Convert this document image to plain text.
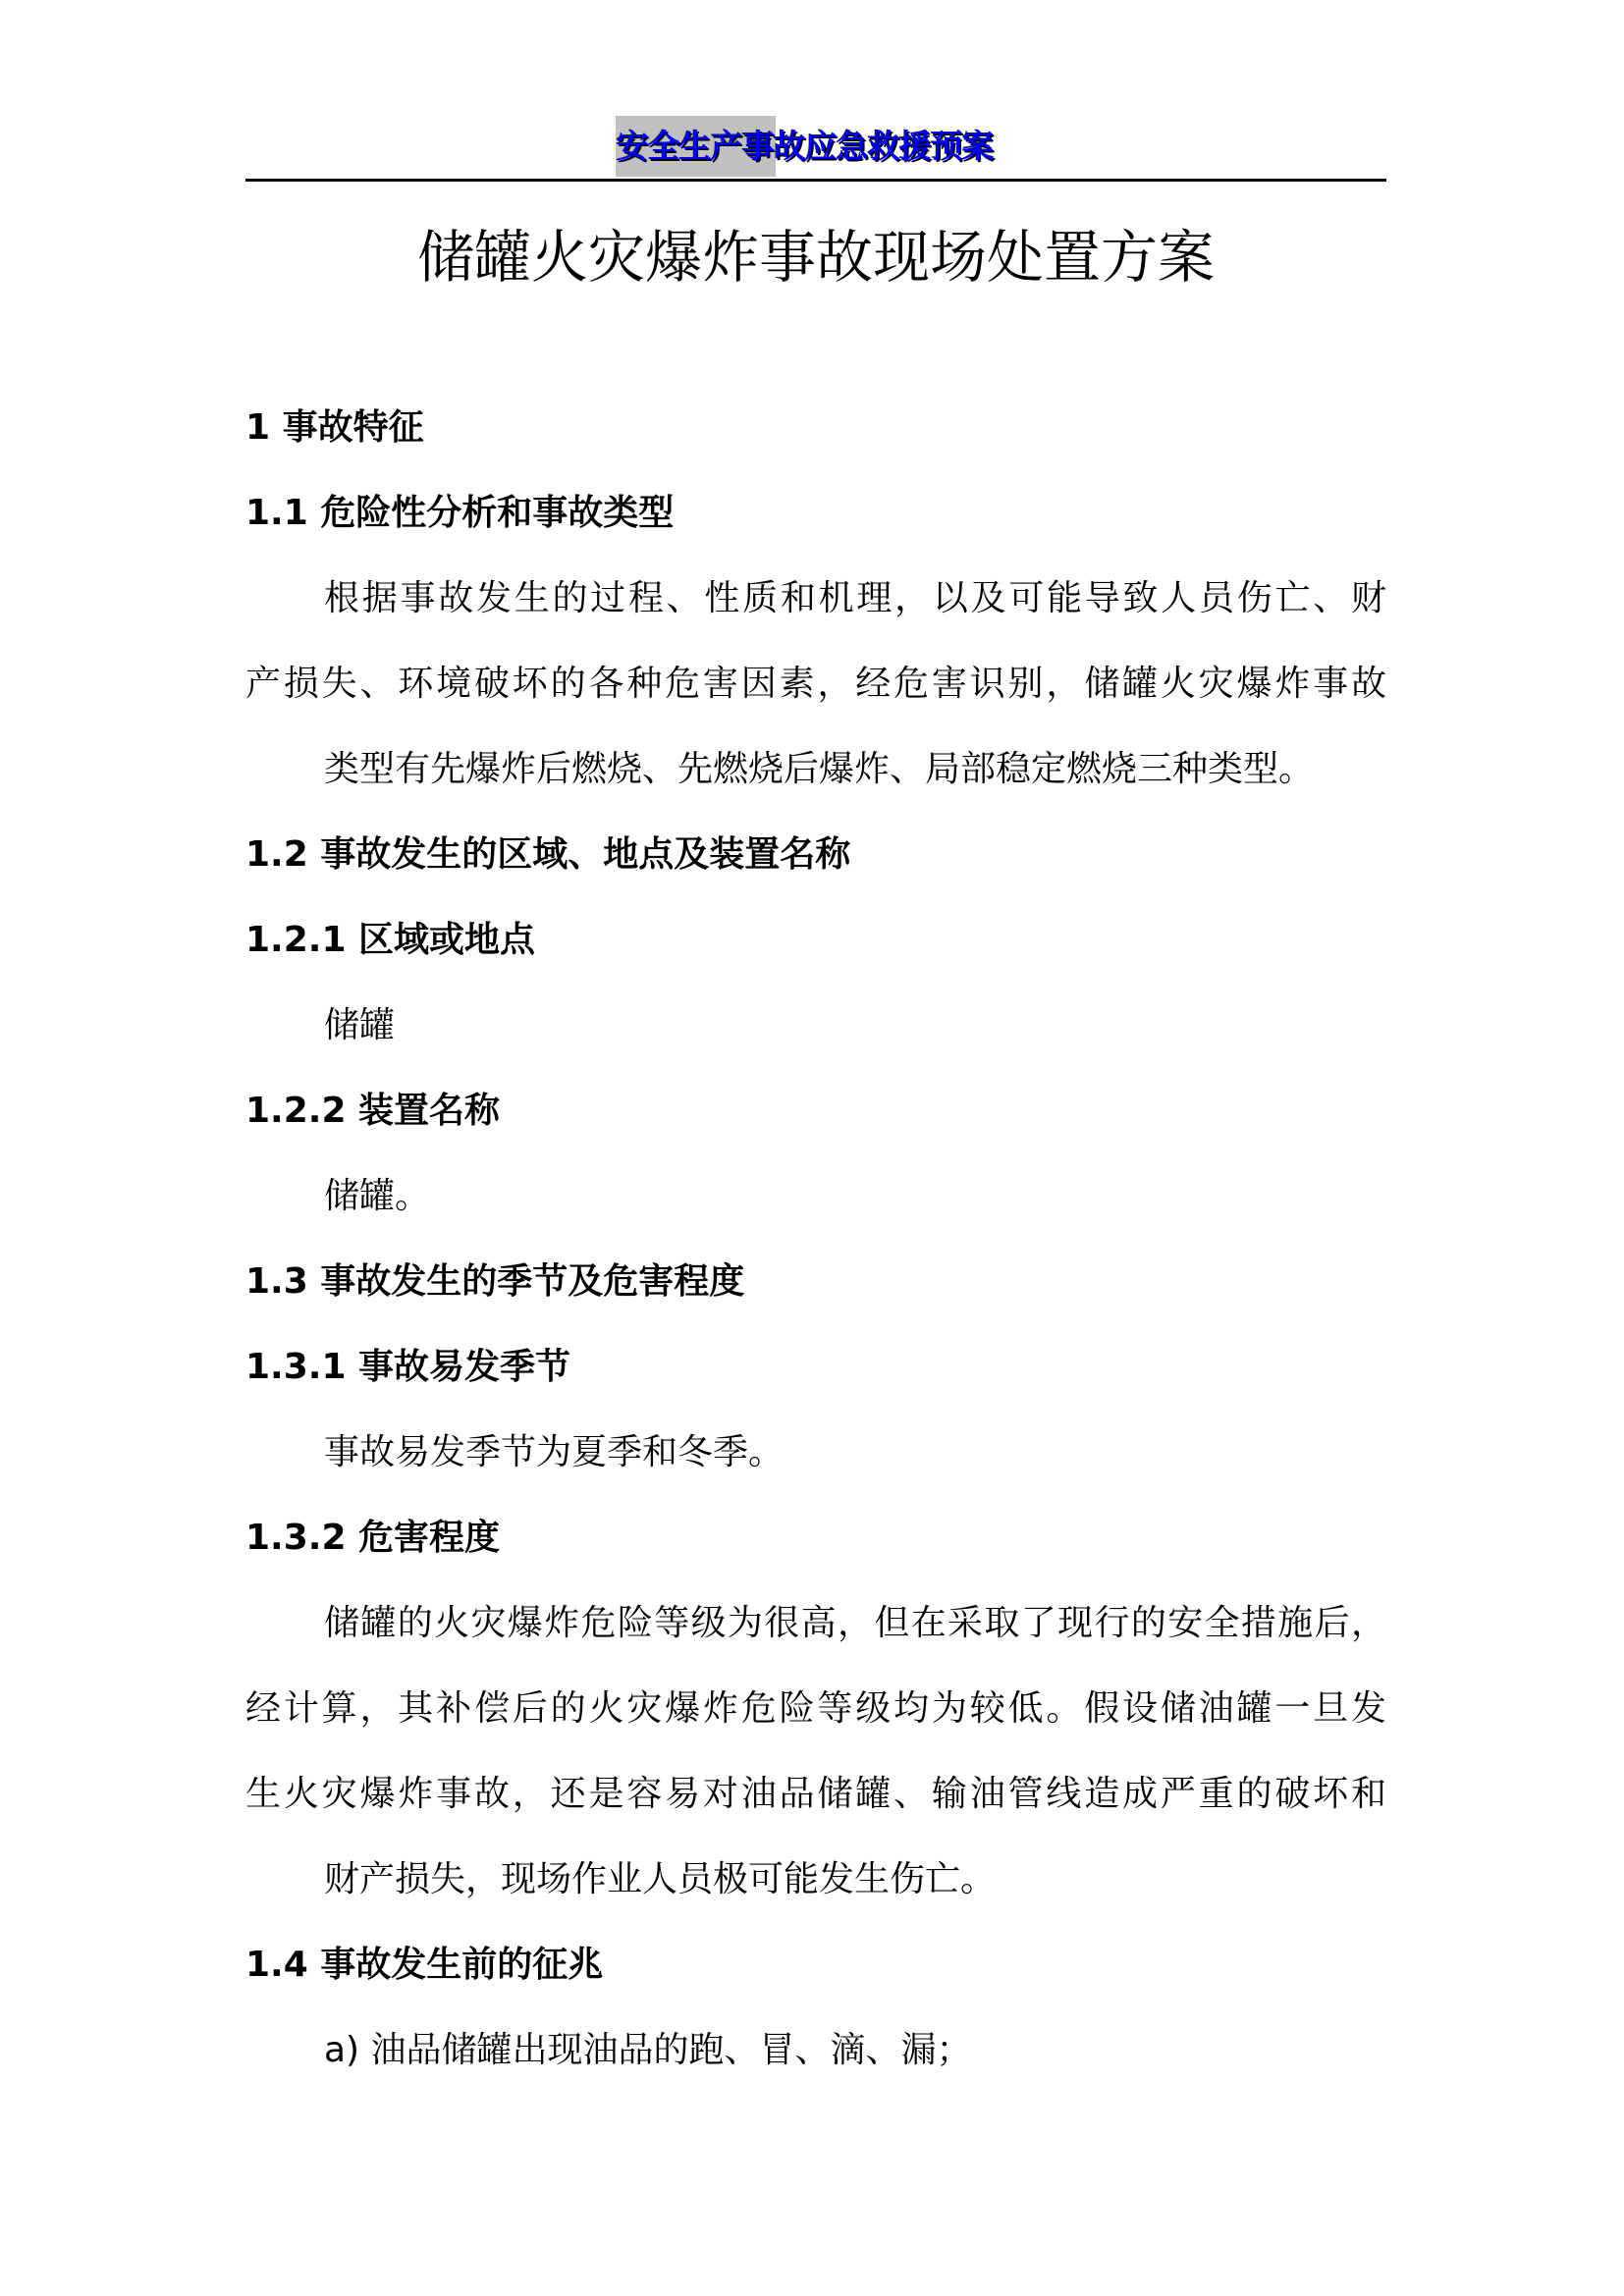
安全生产事故应急救援预案
储罐火灾爆炸事故现场处置方案
1 事故特征
1.1 危险性分析和事故类型
根据事故发生的过程、性质和机理，以及可能导致人员伤亡、财
产损失、环境破坏的各种危害因素，经危害识别，储罐火灾爆炸事故
类型有先爆炸后燃烧、先燃烧后爆炸、局部稳定燃烧三种类型。
1.2 事故发生的区域、地点及装置名称
1.2.1 区域或地点
储罐
1.2.2 装置名称
储罐。
1.3 事故发生的季节及危害程度
1.3.1 事故易发季节
事故易发季节为夏季和冬季。
1.3.2 危害程度
储罐的火灾爆炸危险等级为很高，但在采取了现行的安全措施后，
经计算，其补偿后的火灾爆炸危险等级均为较低。假设储油罐一旦发
生火灾爆炸事故，还是容易对油品储罐、输油管线造成严重的破坏和
财产损失，现场作业人员极可能发生伤亡。
1.4 事故发生前的征兆
a) 油品储罐出现油品的跑、冒、滴、漏；
